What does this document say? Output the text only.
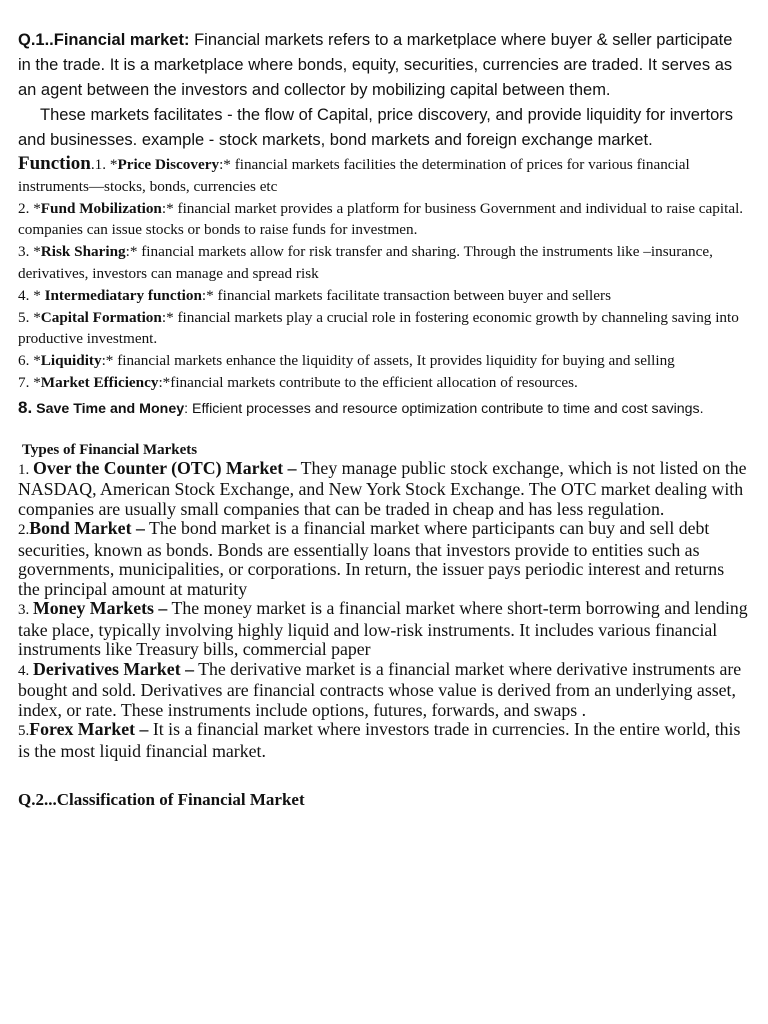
Q.1..Financial market: Financial markets refers to a marketplace where buyer & seller participate in the trade. It is a marketplace where bonds, equity, securities, currencies are traded. It serves as an agent between the investors and collector by mobilizing capital between them.

These markets facilitates - the flow of Capital, price discovery, and provide liquidity for invertors and businesses. example - stock markets, bond markets and foreign exchange market.

Function.1. *Price Discovery:* financial markets facilities the determination of prices for various financial instruments—stocks, bonds, currencies etc

2. *Fund Mobilization:* financial market provides a platform for business Government and individual to raise capital. companies can issue stocks or bonds to raise funds for investmen.

3. *Risk Sharing:* financial markets allow for risk transfer and sharing. Through the instruments like –insurance, derivatives, investors can manage and spread risk

4. * Intermediatary function:* financial markets facilitate transaction between buyer and sellers

5. *Capital Formation:* financial markets play a crucial role in fostering economic growth by channeling saving into productive investment.

6. *Liquidity:* financial markets enhance the liquidity of assets, It provides liquidity for buying and selling

7. *Market Efficiency:*financial markets contribute to the efficient allocation of resources.

8. Save Time and Money: Efficient processes and resource optimization contribute to time and cost savings.

Types of Financial Markets

1. Over the Counter (OTC) Market – They manage public stock exchange, which is not listed on the NASDAQ, American Stock Exchange, and New York Stock Exchange. The OTC market dealing with companies are usually small companies that can be traded in cheap and has less regulation.

2.Bond Market – The bond market is a financial market where participants can buy and sell debt securities, known as bonds. Bonds are essentially loans that investors provide to entities such as governments, municipalities, or corporations. In return, the issuer pays periodic interest and returns the principal amount at maturity

3. Money Markets – The money market is a financial market where short-term borrowing and lending take place, typically involving highly liquid and low-risk instruments. It includes various financial instruments like Treasury bills, commercial paper

4. Derivatives Market – The derivative market is a financial market where derivative instruments are bought and sold. Derivatives are financial contracts whose value is derived from an underlying asset, index, or rate. These instruments include options, futures, forwards, and swaps .

5.Forex Market – It is a financial market where investors trade in currencies. In the entire world, this is the most liquid financial market.

Q.2...Classification of Financial Market
